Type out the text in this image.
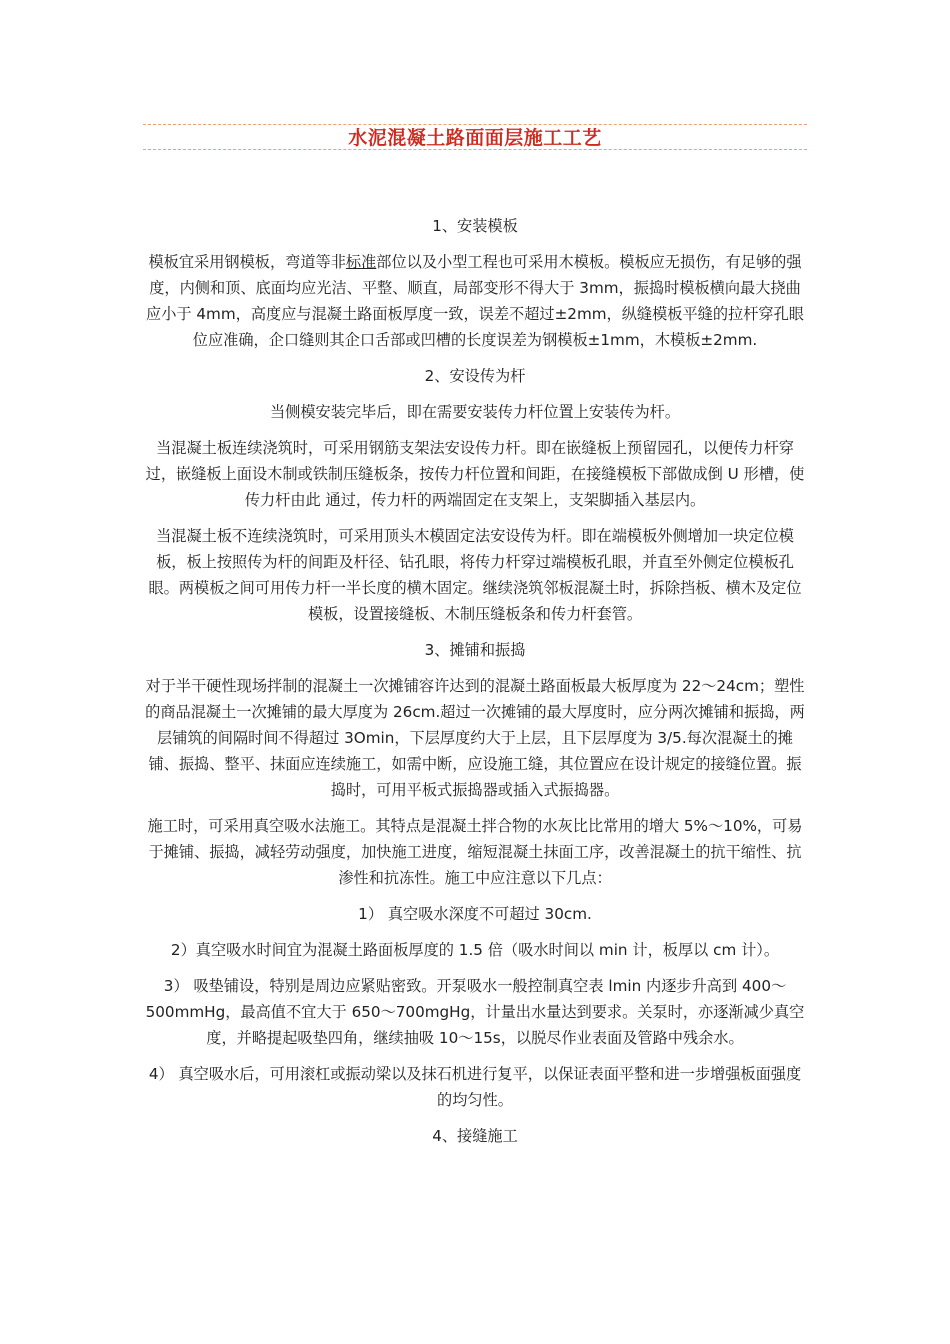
水泥混凝土路面面层施工工艺

1、安装模板

模板宜采用钢模板，弯道等非标准部位以及小型工程也可采用木模板。模板应无损伤，有足够的强度，内侧和顶、底面均应光洁、平整、顺直，局部变形不得大于 3mm，振捣时模板横向最大挠曲应小于 4mm，高度应与混凝土路面板厚度一致，误差不超过±2mm，纵缝模板平缝的拉杆穿孔眼位应准确，企口缝则其企口舌部或凹槽的长度误差为钢模板±1mm，木模板±2mm.

2、安设传为杆

当侧模安装完毕后，即在需要安装传力杆位置上安装传为杆。

当混凝土板连续浇筑时，可采用钢筋支架法安设传力杆。即在嵌缝板上预留园孔，以便传力杆穿过，嵌缝板上面设木制或铁制压缝板条，按传力杆位置和间距，在接缝模板下部做成倒 U 形槽，使传力杆由此 通过，传力杆的两端固定在支架上，支架脚插入基层内。

当混凝土板不连续浇筑时，可采用顶头木模固定法安设传为杆。即在端模板外侧增加一块定位模板，板上按照传为杆的间距及杆径、钻孔眼，将传力杆穿过端模板孔眼，并直至外侧定位模板孔眼。两模板之间可用传力杆一半长度的横木固定。继续浇筑邻板混凝土时，拆除挡板、横木及定位模板，设置接缝板、木制压缝板条和传力杆套管。

3、摊铺和振捣

对于半干硬性现场拌制的混凝土一次摊铺容许达到的混凝土路面板最大板厚度为 22～24cm；塑性的商品混凝土一次摊铺的最大厚度为 26cm.超过一次摊铺的最大厚度时，应分两次摊铺和振捣，两层铺筑的间隔时间不得超过 3Omin，下层厚度约大于上层，且下层厚度为 3/5.每次混凝土的摊铺、振捣、整平、抹面应连续施工，如需中断，应设施工缝，其位置应在设计规定的接缝位置。振捣时，可用平板式振捣器或插入式振捣器。

施工时，可采用真空吸水法施工。其特点是混凝土拌合物的水灰比比常用的增大 5%～10%，可易于摊铺、振捣，减轻劳动强度，加快施工进度，缩短混凝土抹面工序，改善混凝土的抗干缩性、抗渗性和抗冻性。施工中应注意以下几点：

1） 真空吸水深度不可超过 30cm.

2）真空吸水时间宜为混凝土路面板厚度的 1.5 倍（吸水时间以 min 计，板厚以 cm 计）。

3） 吸垫铺设，特别是周边应紧贴密致。开泵吸水一般控制真空表 lmin 内逐步升高到 400～500mmHg，最高值不宜大于 650～700mgHg，计量出水量达到要求。关泵时，亦逐渐减少真空度，并略提起吸垫四角，继续抽吸 10～15s，以脱尽作业表面及管路中残余水。

4） 真空吸水后，可用滚杠或振动梁以及抹石机进行复平，以保证表面平整和进一步增强板面强度的均匀性。

4、接缝施工
